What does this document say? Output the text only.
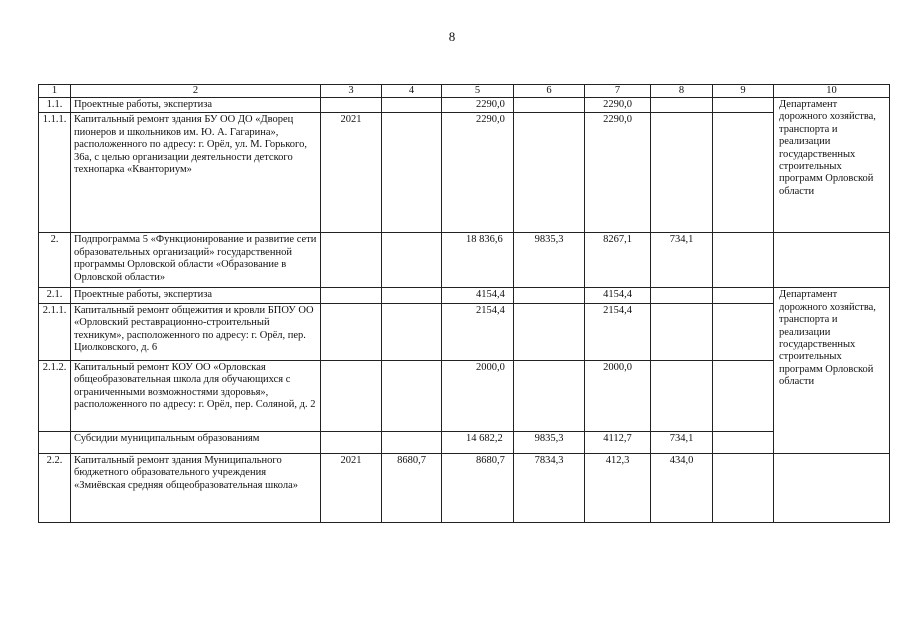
8
1	2	3	4	5	6	7	8	9	10
1.1.	Проектные работы, экспертиза			2290,0		2290,0			Департамент дорожного хозяйства, транспорта и реализации государственных строительных программ Орловской области
1.1.1.	Капитальный ремонт здания БУ ОО ДО «Дворец пионеров и школьников им. Ю. А. Гагарина», расположенного по адресу: г. Орёл, ул. М. Горького, 36а, с целью организации деятельности детского технопарка «Кванториум»	2021		2290,0		2290,0			
2.	Подпрограмма 5 «Функционирование и развитие сети образовательных организаций» государственной программы Орловской области «Образование в Орловской области»			18 836,6	9835,3	8267,1	734,1		
2.1.	Проектные работы, экспертиза			4154,4		4154,4			Департамент дорожного хозяйства, транспорта и реализации государственных строительных программ Орловской области
2.1.1.	Капитальный ремонт общежития и кровли БПОУ ОО «Орловский реставрационно-строительный техникум», расположенного по адресу: г. Орёл, пер. Циолковского, д. 6			2154,4		2154,4			
2.1.2.	Капитальный ремонт КОУ ОО «Орловская общеобразовательная школа для обучающихся с ограниченными возможностями здоровья», расположенного по адресу: г. Орёл, пер. Соляной, д. 2			2000,0		2000,0			
	Субсидии муниципальным образованиям			14 682,2	9835,3	4112,7	734,1		
2.2.	Капитальный ремонт здания Муниципального бюджетного образовательного учреждения «Змиёвская средняя общеобразовательная школа»	2021	8680,7	8680,7	7834,3	412,3	434,0		
